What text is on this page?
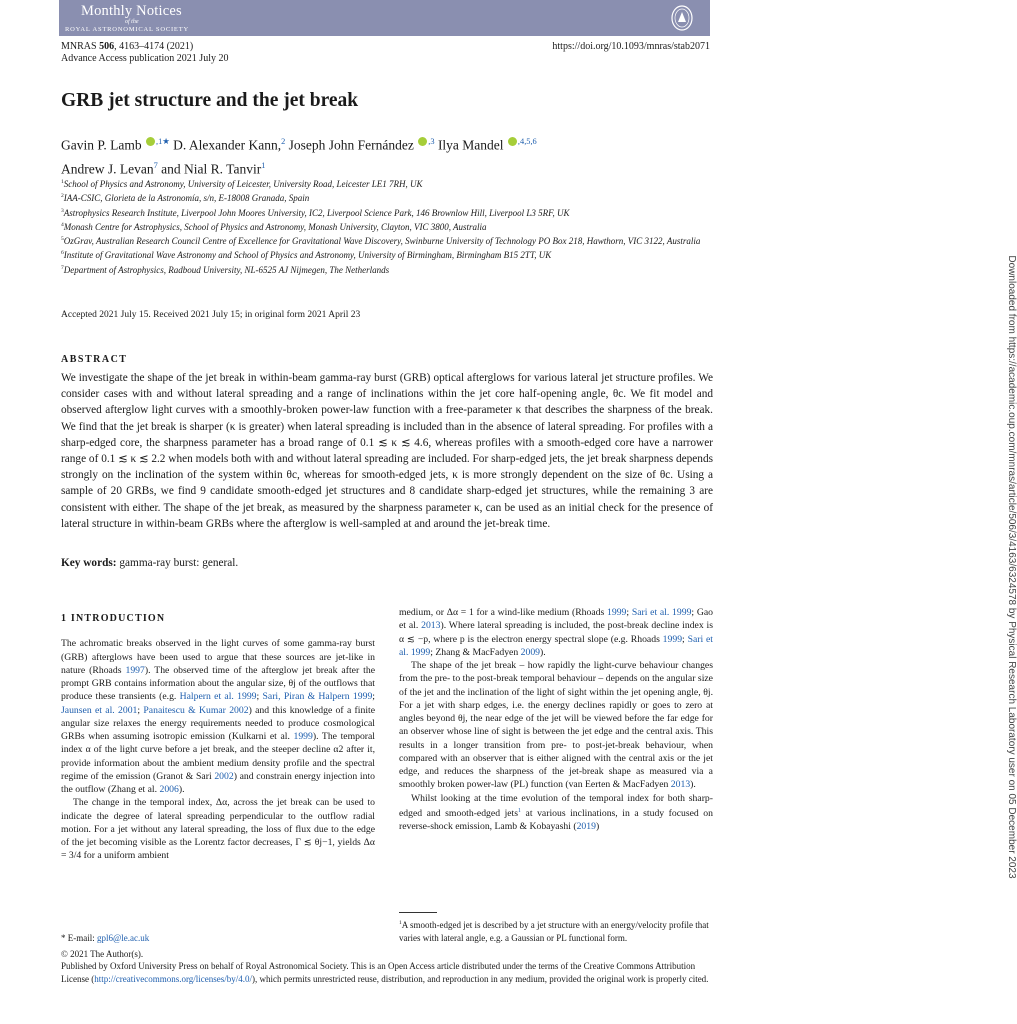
Monthly Notices
of the
ROYAL ASTRONOMICAL SOCIETY
MNRAS 506, 4163–4174 (2021)
Advance Access publication 2021 July 20
https://doi.org/10.1093/mnras/stab2071
GRB jet structure and the jet break
Gavin P. Lamb $^{,1★}$ D. Alexander Kann,$^2$ Joseph John Fernández $^{,3}$ Ilya Mandel $^{,4,5,6}$
Andrew J. Levan$^7$ and Nial R. Tanvir$^1$
$^1$School of Physics and Astronomy, University of Leicester, University Road, Leicester LE1 7RH, UK
$^2$IAA-CSIC, Glorieta de la Astronomía, s/n, E-18008 Granada, Spain
$^3$Astrophysics Research Institute, Liverpool John Moores University, IC2, Liverpool Science Park, 146 Brownlow Hill, Liverpool L3 5RF, UK
$^4$Monash Centre for Astrophysics, School of Physics and Astronomy, Monash University, Clayton, VIC 3800, Australia
$^5$OzGrav, Australian Research Council Centre of Excellence for Gravitational Wave Discovery, Swinburne University of Technology PO Box 218, Hawthorn, VIC 3122, Australia
$^6$Institute of Gravitational Wave Astronomy and School of Physics and Astronomy, University of Birmingham, Birmingham B15 2TT, UK
$^7$Department of Astrophysics, Radboud University, NL-6525 AJ Nijmegen, The Netherlands
Accepted 2021 July 15. Received 2021 July 15; in original form 2021 April 23
ABSTRACT

We investigate the shape of the jet break in within-beam gamma-ray burst (GRB) optical afterglows for various lateral jet structure profiles. We consider cases with and without lateral spreading and a range of inclinations within the jet core half-opening angle, θc. We fit model and observed afterglow light curves with a smoothly-broken power-law function with a free-parameter κ that describes the sharpness of the break. We find that the jet break is sharper (κ is greater) when lateral spreading is included than in the absence of lateral spreading. For profiles with a sharp-edged core, the sharpness parameter has a broad range of 0.1 ≲ κ ≲ 4.6, whereas profiles with a smooth-edged core have a narrower range of 0.1 ≲ κ ≲ 2.2 when models both with and without lateral spreading are included. For sharp-edged jets, the jet break sharpness depends strongly on the inclination of the system within θc, whereas for smooth-edged jets, κ is more strongly dependent on the size of θc. Using a sample of 20 GRBs, we find 9 candidate smooth-edged jet structures and 8 candidate sharp-edged jet structures, while the remaining 3 are consistent with either. The shape of the jet break, as measured by the sharpness parameter κ, can be used as an initial check for the presence of lateral structure in within-beam GRBs where the afterglow is well-sampled at and around the jet-break time.

Key words: gamma-ray burst: general.
1 INTRODUCTION

The achromatic breaks observed in the light curves of some gamma-ray burst (GRB) afterglows have been used to argue that these sources are jet-like in nature (Rhoads 1997). The observed time of the afterglow jet break after the prompt GRB contains information about the angular size, θj of the outflows that produce these transients (e.g. Halpern et al. 1999; Sari, Piran & Halpern 1999; Jaunsen et al. 2001; Panaitescu & Kumar 2002) and this knowledge of a finite angular size relaxes the energy requirements needed to produce cosmological GRBs when assuming isotropic emission (Kulkarni et al. 1999). The temporal index α of the light curve before a jet break, and the steeper decline α2 after it, provide information about the ambient medium density profile and the spectral regime of the emission (Granot & Sari 2002) and constrain energy injection into the outflow (Zhang et al. 2006).

The change in the temporal index, Δα, across the jet break can be used to indicate the degree of lateral spreading perpendicular to the outflow radial motion. For a jet without any lateral spreading, the loss of flux due to the edge of the jet becoming visible as the Lorentz factor decreases, Γ ≲ θj−1, yields Δα = 3/4 for a uniform ambient

medium, or Δα = 1 for a wind-like medium (Rhoads 1999; Sari et al. 1999; Gao et al. 2013). Where lateral spreading is included, the post-break decline index is α ≲ −p, where p is the electron energy spectral slope (e.g. Rhoads 1999; Sari et al. 1999; Zhang & MacFadyen 2009).

The shape of the jet break – how rapidly the light-curve behaviour changes from the pre- to the post-break temporal behaviour – depends on the angular size of the jet and the inclination of the light of sight within the jet opening angle, θj. For a jet with sharp edges, i.e. the energy declines rapidly or goes to zero at angles beyond θj, the near edge of the jet will be viewed before the far edge for an observer whose line of sight is between the jet edge and the central axis. This results in a longer transition from pre- to post-jet-break behaviour, when compared with an observer that is either aligned with the central axis or the jet edge, and reduces the sharpness of the jet-break shape as measured via a smoothly broken power-law (PL) function (van Eerten & MacFadyen 2013).

Whilst looking at the time evolution of the temporal index for both sharp-edged and smooth-edged jets$^1$ at various inclinations, in a study focused on reverse-shock emission, Lamb & Kobayashi (2019)

$^1$A smooth-edged jet is described by a jet structure with an energy/velocity profile that varies with lateral angle, e.g. a Gaussian or PL functional form.
* E-mail: gpl6@le.ac.uk
© 2021 The Author(s).
Published by Oxford University Press on behalf of Royal Astronomical Society. This is an Open Access article distributed under the terms of the Creative Commons Attribution License (http://creativecommons.org/licenses/by/4.0/), which permits unrestricted reuse, distribution, and reproduction in any medium, provided the original work is properly cited.
Downloaded from https://academic.oup.com/mnras/article/506/3/4163/6324578 by Physical Research Laboratory user on 05 December 2023
